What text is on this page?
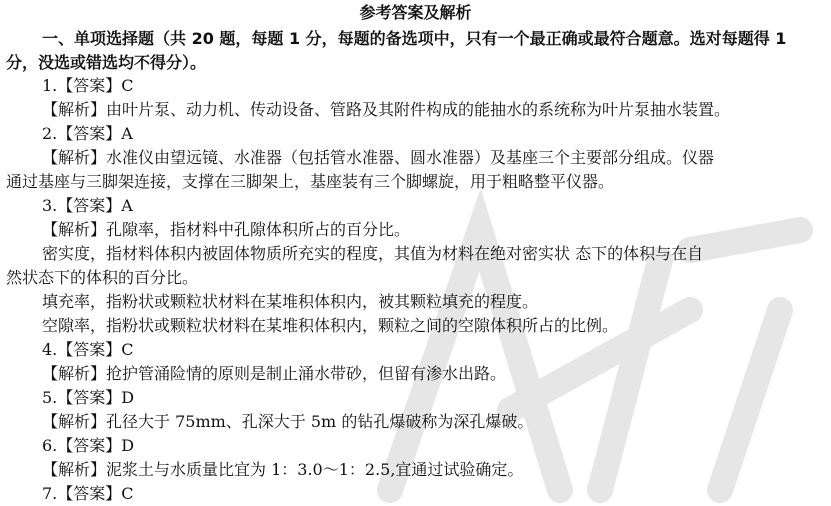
参考答案及解析
一、单项选择题（共 20 题，每题 1 分，每题的备选项中，只有一个最正确或最符合题意。选对每题得 1 分，没选或错选均不得分）。
1.【答案】C
【解析】由叶片泵、动力机、传动设备、管路及其附件构成的能抽水的系统称为叶片泵抽水装置。
2.【答案】A
【解析】水准仪由望远镜、水准器（包括管水准器、圆水准器）及基座三个主要部分组成。仪器
通过基座与三脚架连接，支撑在三脚架上，基座装有三个脚螺旋，用于粗略整平仪器。
3.【答案】A
【解析】孔隙率，指材料中孔隙体积所占的百分比。
密实度，指材料体积内被固体物质所充实的程度，其值为材料在绝对密实状 态下的体积与在自
然状态下的体积的百分比。
填充率，指粉状或颗粒状材料在某堆积体积内，被其颗粒填充的程度。
空隙率，指粉状或颗粒状材料在某堆积体积内，颗粒之间的空隙体积所占的比例。
4.【答案】C
【解析】抢护管涌险情的原则是制止涌水带砂，但留有渗水出路。
5.【答案】D
【解析】孔径大于 75mm、孔深大于 5m 的钻孔爆破称为深孔爆破。
6.【答案】D
【解析】泥浆土与水质量比宜为 1：3.0～1：2.5,宜通过试验确定。
7.【答案】C
